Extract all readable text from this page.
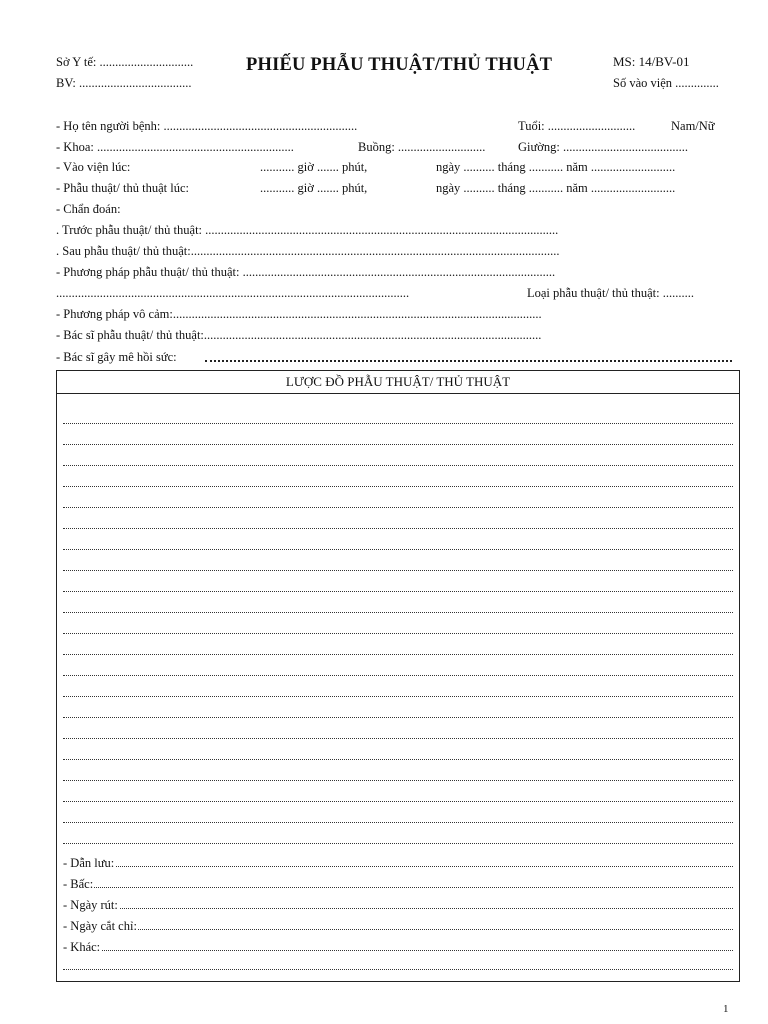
Sở Y tế: ..............................
BV: ....................................
PHIẾU PHẪU THUẬT/THỦ THUẬT	MS: 14/BV-01
Số vào viện ..............
- Họ tên người bệnh: ..............................................................	Tuổi: ............................	Nam/Nữ
- Khoa: ...............................................................	Buồng: ............................	Giường: ........................................
- Vào viện lúc:	........... giờ ....... phút,	ngày .......... tháng ........... năm ...........................
- Phẫu thuật/ thủ thuật lúc:	........... giờ ....... phút,	ngày .......... tháng ........... năm ...........................
- Chẩn đoán:
. Trước phẫu thuật/ thủ thuật: .................................................................................................................
. Sau phẫu thuật/ thủ thuật:......................................................................................................................
- Phương pháp phẫu thuật/ thủ thuật: ....................................................................................................
.................................................................................................................	Loại phẫu thuật/ thủ thuật: ..........
- Phương pháp vô cảm:......................................................................................................................
- Bác sĩ phẫu thuật/ thủ thuật:............................................................................................................
- Bác sĩ gây mê hồi sức:
LƯỢC ĐỒ PHẪU THUẬT/ THỦ THUẬT
- Dẫn lưu:
- Bấc:
- Ngày rút:
- Ngày cắt chỉ:
- Khác:
1
